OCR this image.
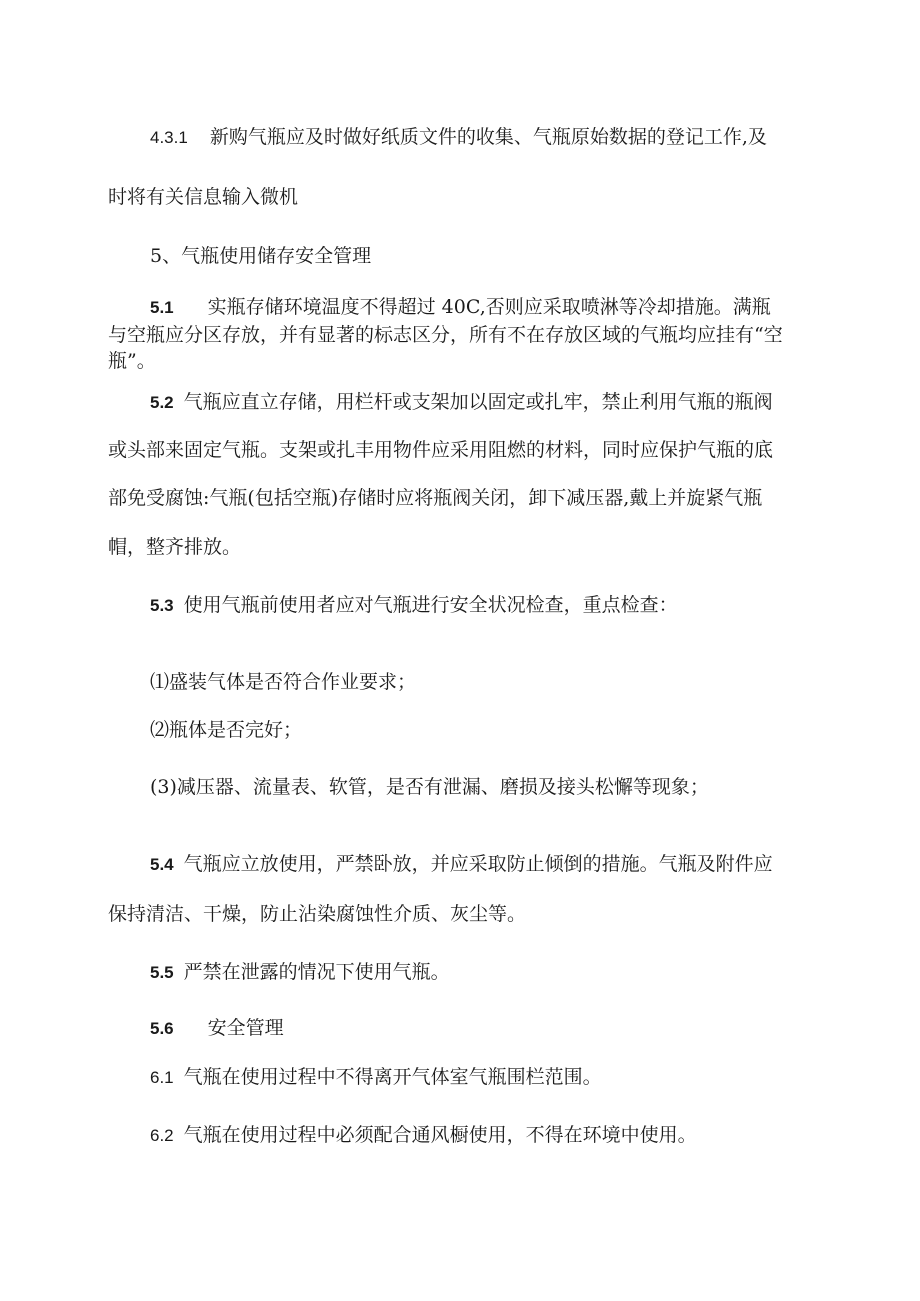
4.3.1 新购气瓶应及时做好纸质文件的收集、气瓶原始数据的登记工作,及
时将有关信息输入微机
5、气瓶使用储存安全管理
5.1 实瓶存储环境温度不得超过 40C,否则应采取喷淋等冷却措施。满瓶
与空瓶应分区存放，并有显著的标志区分，所有不在存放区域的气瓶均应挂有“空
瓶”。
5.2 气瓶应直立存储，用栏杆或支架加以固定或扎牢，禁止利用气瓶的瓶阀
或头部来固定气瓶。支架或扎丰用物件应采用阻燃的材料，同时应保护气瓶的底
部免受腐蚀:气瓶(包括空瓶)存储时应将瓶阀关闭，卸下减压器,戴上并旋紧气瓶
帽，整齐排放。
5.3 使用气瓶前使用者应对气瓶进行安全状况检查，重点检查：
⑴盛装气体是否符合作业要求；
⑵瓶体是否完好；
(3)减压器、流量表、软管，是否有泄漏、磨损及接头松懈等现象；
5.4 气瓶应立放使用，严禁卧放，并应采取防止倾倒的措施。气瓶及附件应
保持清洁、干燥，防止沾染腐蚀性介质、灰尘等。
5.5 严禁在泄露的情况下使用气瓶。
5.6 安全管理
6.1 气瓶在使用过程中不得离开气体室气瓶围栏范围。
6.2 气瓶在使用过程中必须配合通风橱使用，不得在环境中使用。
